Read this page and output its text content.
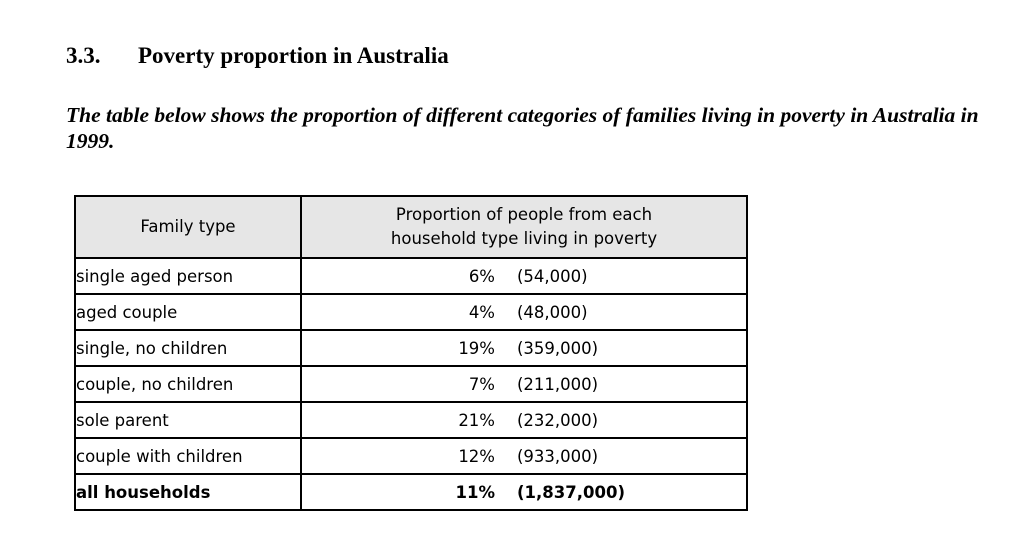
3.3. Poverty proportion in Australia
The table below shows the proportion of different categories of families living in poverty in Australia in 1999.
Family type	Proportion of people from each
household type living in poverty
single aged person	6% (54,000)
aged couple	4% (48,000)
single, no children	19% (359,000)
couple, no children	7% (211,000)
sole parent	21% (232,000)
couple with children	12% (933,000)
all households	11% (1,837,000)
